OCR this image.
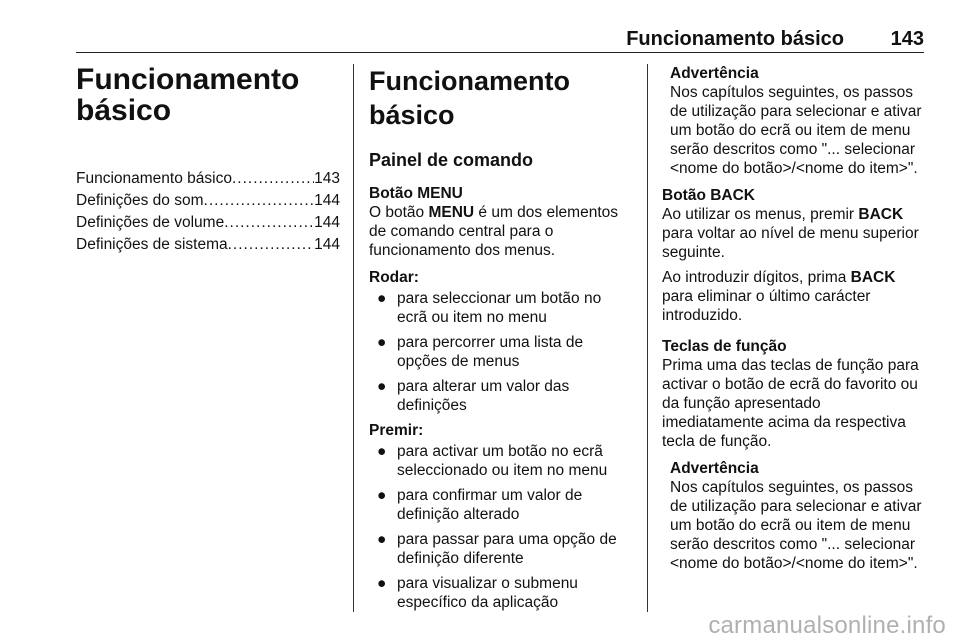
Funcionamento básico 143
Funcionamento básico
Funcionamento básico .....	143
Definições do som .....	144
Definições de volume .....	144
Definições de sistema .....	144
Funcionamento básico
Painel de comando
Botão MENU

O botão MENU é um dos elementos de comando central para o funcionamento dos menus.

Rodar:
● para seleccionar um botão no ecrã ou item no menu
● para percorrer uma lista de opções de menus
● para alterar um valor das definições
Premir:
● para activar um botão no ecrã seleccionado ou item no menu
● para confirmar um valor de definição alterado
● para passar para uma opção de definição diferente
● para visualizar o submenu específico da aplicação
Advertência

Nos capítulos seguintes, os passos de utilização para selecionar e ativar um botão do ecrã ou item de menu serão descritos como "... selecionar <nome do botão>/<nome do item>".

Botão BACK

Ao utilizar os menus, premir BACK para voltar ao nível de menu superior seguinte.

Ao introduzir dígitos, prima BACK para eliminar o último carácter introduzido.

Teclas de função

Prima uma das teclas de função para activar o botão de ecrã do favorito ou da função apresentado imediatamente acima da respectiva tecla de função.

Advertência

Nos capítulos seguintes, os passos de utilização para selecionar e ativar um botão do ecrã ou item de menu serão descritos como "... selecionar <nome do botão>/<nome do item>".

carmanualsonline.info
